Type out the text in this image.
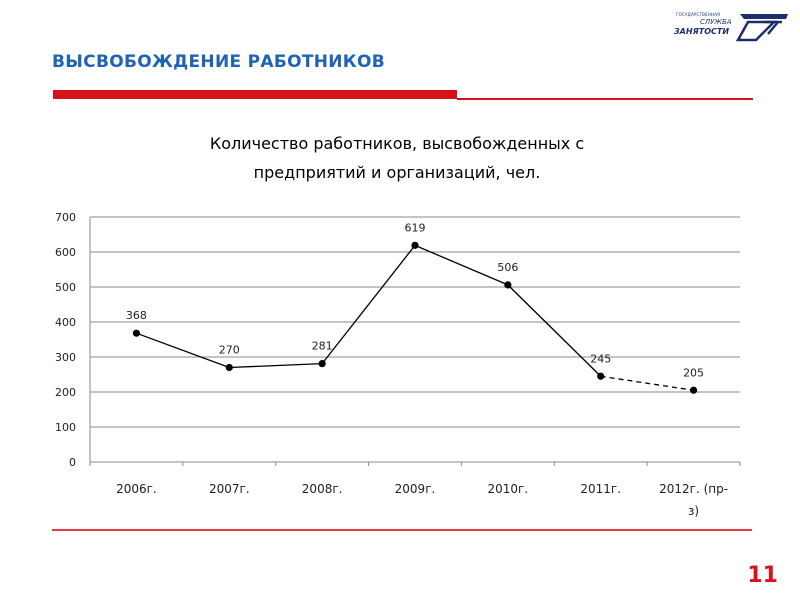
ВЫСВОБОЖДЕНИЕ РАБОТНИКОВ
ГОСУДАРСТВЕННАЯ
СЛУЖБА
ЗАНЯТОСТИ
Количество работников, высвобожденных с
предприятий и организаций, чел.
0
100
200
300
400
500
600
700
2006г.	2007г.	2008г.	2009г.	2010г.	2011г.	2012г. (пр-з)
368
270	281
619
506
245
205
11
